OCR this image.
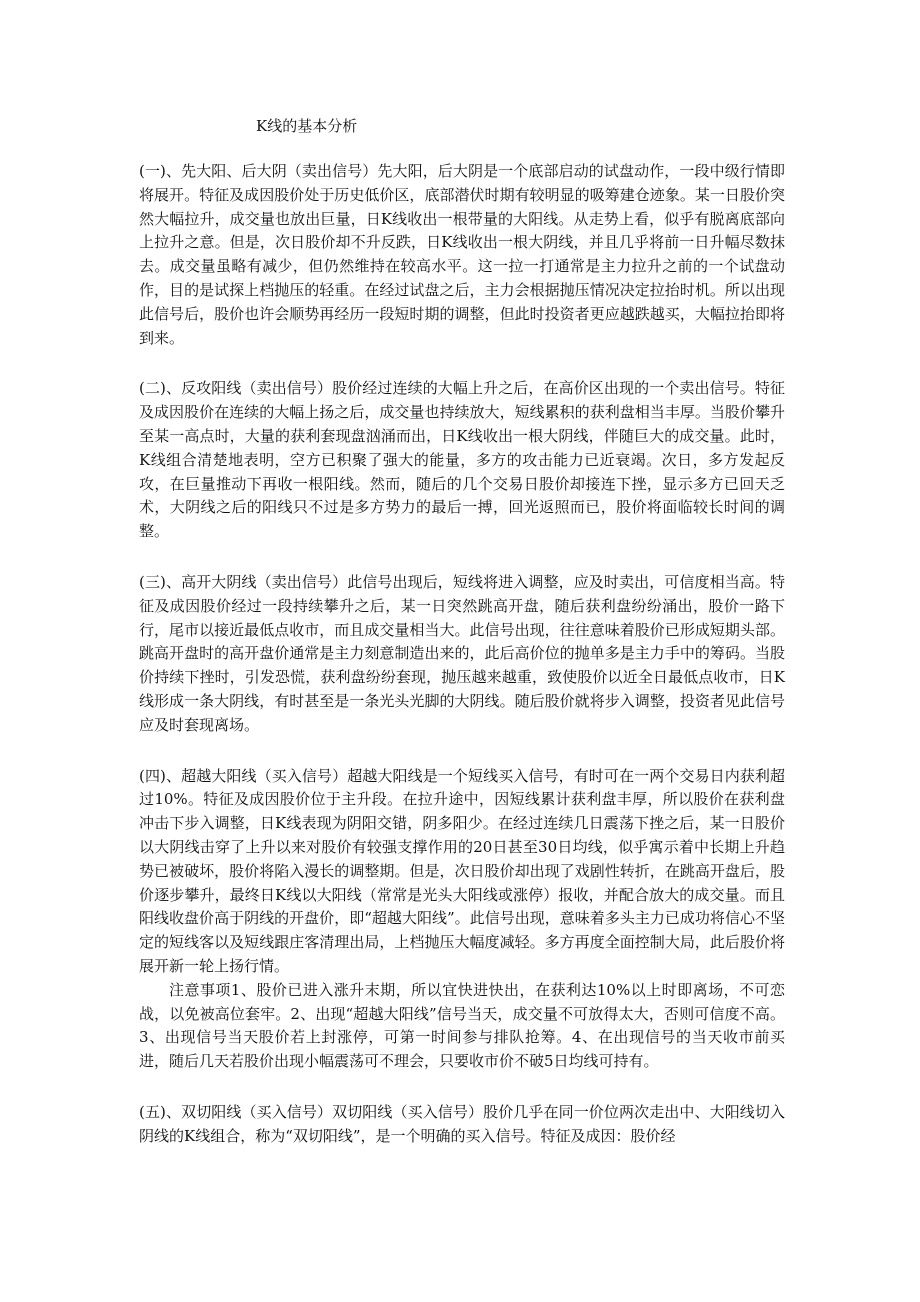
K线的基本分析

(一)、先大阳、后大阴（卖出信号）先大阳，后大阴是一个底部启动的试盘动作，一段中级行情即将展开。特征及成因股价处于历史低价区，底部潜伏时期有较明显的吸筹建仓迹象。某一日股价突然大幅拉升，成交量也放出巨量，日K线收出一根带量的大阳线。从走势上看，似乎有脱离底部向上拉升之意。但是，次日股价却不升反跌，日K线收出一根大阴线，并且几乎将前一日升幅尽数抹去。成交量虽略有减少，但仍然维持在较高水平。这一拉一打通常是主力拉升之前的一个试盘动作，目的是试探上档抛压的轻重。在经过试盘之后，主力会根据抛压情况决定拉抬时机。所以出现此信号后，股价也许会顺势再经历一段短时期的调整，但此时投资者更应越跌越买，大幅拉抬即将到来。

(二)、反攻阳线（卖出信号）股价经过连续的大幅上升之后，在高价区出现的一个卖出信号。特征及成因股价在连续的大幅上扬之后，成交量也持续放大，短线累积的获利盘相当丰厚。当股价攀升至某一高点时，大量的获利套现盘汹涌而出，日K线收出一根大阴线，伴随巨大的成交量。此时，K线组合清楚地表明，空方已积聚了强大的能量，多方的攻击能力已近衰竭。次日，多方发起反攻，在巨量推动下再收一根阳线。然而，随后的几个交易日股价却接连下挫，显示多方已回天乏术，大阴线之后的阳线只不过是多方势力的最后一搏，回光返照而已，股价将面临较长时间的调整。

(三)、高开大阴线（卖出信号）此信号出现后，短线将进入调整，应及时卖出，可信度相当高。特征及成因股价经过一段持续攀升之后，某一日突然跳高开盘，随后获利盘纷纷涌出，股价一路下行，尾市以接近最低点收市，而且成交量相当大。此信号出现，往往意味着股价已形成短期头部。跳高开盘时的高开盘价通常是主力刻意制造出来的，此后高价位的抛单多是主力手中的筹码。当股价持续下挫时，引发恐慌，获利盘纷纷套现，抛压越来越重，致使股价以近全日最低点收市，日K线形成一条大阴线，有时甚至是一条光头光脚的大阴线。随后股价就将步入调整，投资者见此信号应及时套现离场。

(四)、超越大阳线（买入信号）超越大阳线是一个短线买入信号，有时可在一两个交易日内获利超过10%。特征及成因股价位于主升段。在拉升途中，因短线累计获利盘丰厚，所以股价在获利盘冲击下步入调整，日K线表现为阴阳交错，阴多阳少。在经过连续几日震荡下挫之后，某一日股价以大阴线击穿了上升以来对股价有较强支撑作用的20日甚至30日均线，似乎寓示着中长期上升趋势已被破坏，股价将陷入漫长的调整期。但是，次日股价却出现了戏剧性转折，在跳高开盘后，股价逐步攀升，最终日K线以大阳线（常常是光头大阳线或涨停）报收，并配合放大的成交量。而且阳线收盘价高于阴线的开盘价，即“超越大阳线”。此信号出现，意味着多头主力已成功将信心不坚定的短线客以及短线跟庄客清理出局，上档抛压大幅度减轻。多方再度全面控制大局，此后股价将展开新一轮上扬行情。

注意事项1、股价已进入涨升末期，所以宜快进快出，在获利达10%以上时即离场，不可恋战，以免被高位套牢。2、出现“超越大阳线”信号当天，成交量不可放得太大，否则可信度不高。3、出现信号当天股价若上封涨停，可第一时间参与排队抢筹。4、在出现信号的当天收市前买进，随后几天若股价出现小幅震荡可不理会，只要收市价不破5日均线可持有。

(五)、双切阳线（买入信号）双切阳线（买入信号）股价几乎在同一价位两次走出中、大阳线切入阴线的K线组合，称为“双切阳线”，是一个明确的买入信号。特征及成因：股价经
